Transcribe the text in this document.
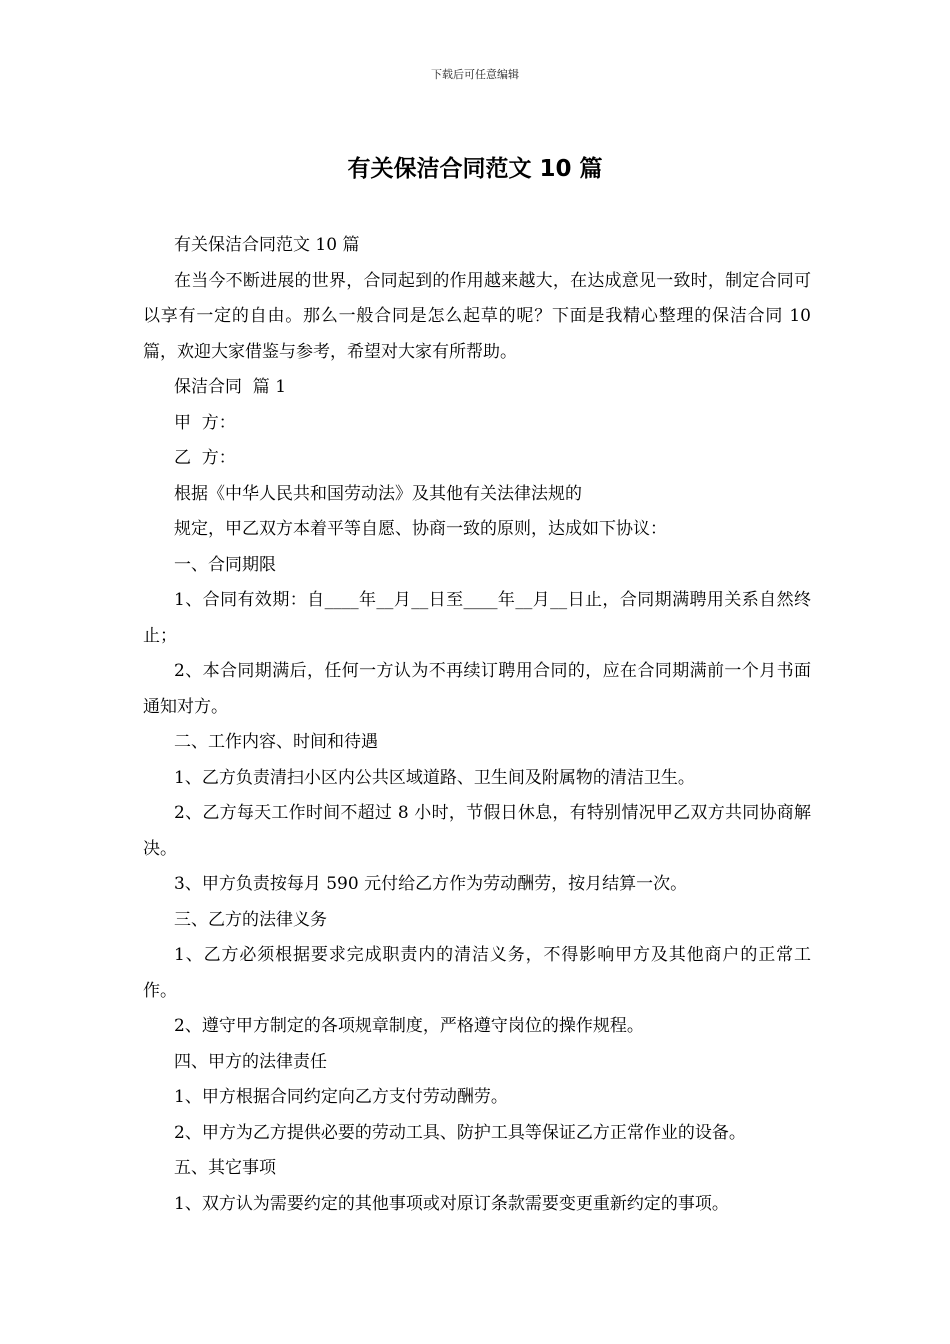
下载后可任意编辑
有关保洁合同范文 10 篇

有关保洁合同范文 10 篇

在当今不断进展的世界，合同起到的作用越来越大，在达成意见一致时，制定合同可以享有一定的自由。那么一般合同是怎么起草的呢？下面是我精心整理的保洁合同 10 篇，欢迎大家借鉴与参考，希望对大家有所帮助。

保洁合同  篇 1

甲  方：

乙  方：

根据《中华人民共和国劳动法》及其他有关法律法规的

规定，甲乙双方本着平等自愿、协商一致的原则，达成如下协议：

一、合同期限

1、合同有效期：自____年__月__日至____年__月__日止，合同期满聘用关系自然终止；

2、本合同期满后，任何一方认为不再续订聘用合同的，应在合同期满前一个月书面通知对方。

二、工作内容、时间和待遇

1、乙方负责清扫小区内公共区域道路、卫生间及附属物的清洁卫生。

2、乙方每天工作时间不超过 8 小时，节假日休息，有特别情况甲乙双方共同协商解决。

3、甲方负责按每月 590 元付给乙方作为劳动酬劳，按月结算一次。

三、乙方的法律义务

1、乙方必须根据要求完成职责内的清洁义务，不得影响甲方及其他商户的正常工作。

2、遵守甲方制定的各项规章制度，严格遵守岗位的操作规程。

四、甲方的法律责任

1、甲方根据合同约定向乙方支付劳动酬劳。

2、甲方为乙方提供必要的劳动工具、防护工具等保证乙方正常作业的设备。

五、其它事项

1、双方认为需要约定的其他事项或对原订条款需要变更重新约定的事项。
